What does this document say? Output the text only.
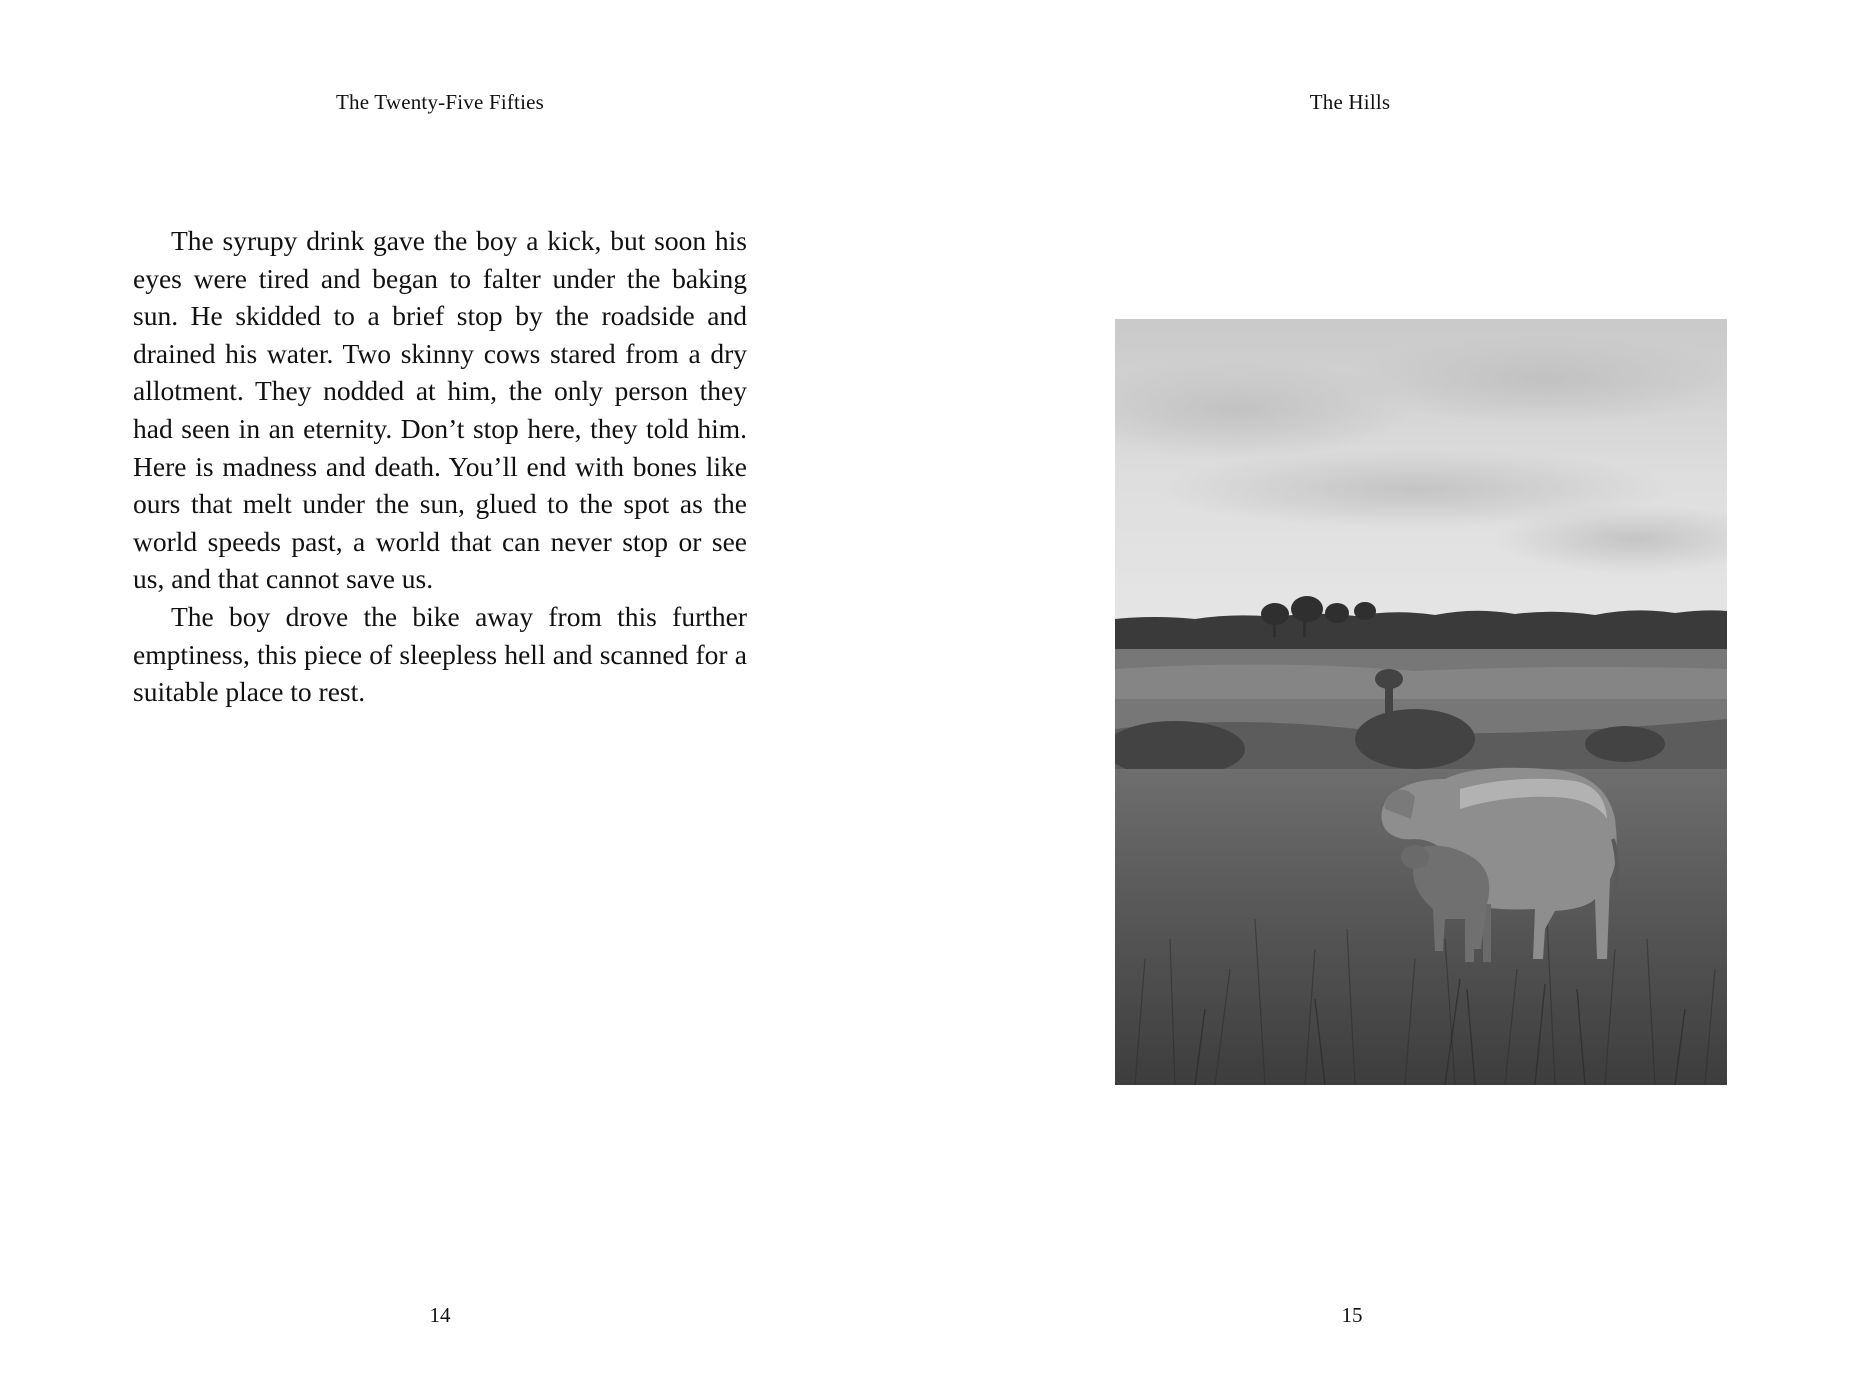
The Twenty-Five Fifties

The syrupy drink gave the boy a kick, but soon his eyes were tired and began to falter under the baking sun. He skidded to a brief stop by the roadside and drained his water. Two skinny cows stared from a dry allotment. They nodded at him, the only person they had seen in an eternity. Don’t stop here, they told him. Here is madness and death. You’ll end with bones like ours that melt under the sun, glued to the spot as the world speeds past, a world that can never stop or see us, and that cannot save us.

The boy drove the bike away from this further emptiness, this piece of sleepless hell and scanned for a suitable place to rest.

14
The Hills
15
